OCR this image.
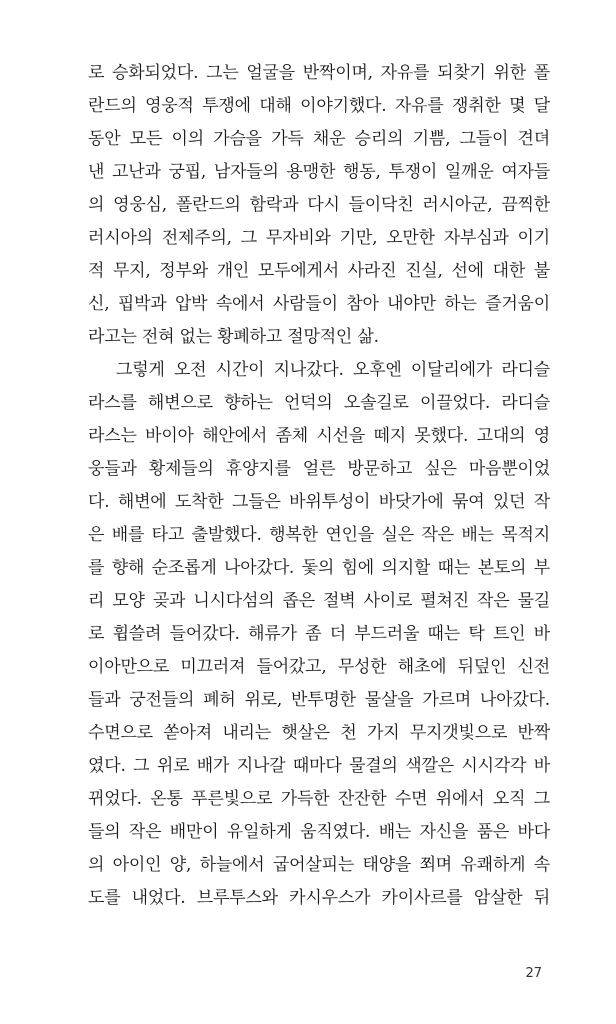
로 승화되었다. 그는 얼굴을 반짝이며, 자유를 되찾기 위한 폴
란드의 영웅적 투쟁에 대해 이야기했다. 자유를 쟁취한 몇 달
동안 모든 이의 가슴을 가득 채운 승리의 기쁨, 그들이 견뎌
낸 고난과 궁핍, 남자들의 용맹한 행동, 투쟁이 일깨운 여자들
의 영웅심, 폴란드의 함락과 다시 들이닥친 러시아군, 끔찍한
러시아의 전제주의, 그 무자비와 기만, 오만한 자부심과 이기
적 무지, 정부와 개인 모두에게서 사라진 진실, 선에 대한 불
신, 핍박과 압박 속에서 사람들이 참아 내야만 하는 즐거움이
라고는 전혀 없는 황폐하고 절망적인 삶.
그렇게 오전 시간이 지나갔다. 오후엔 이달리에가 라디슬
라스를 해변으로 향하는 언덕의 오솔길로 이끌었다. 라디슬
라스는 바이아 해안에서 좀체 시선을 떼지 못했다. 고대의 영
웅들과 황제들의 휴양지를 얼른 방문하고 싶은 마음뿐이었
다. 해변에 도착한 그들은 바위투성이 바닷가에 묶여 있던 작
은 배를 타고 출발했다. 행복한 연인을 실은 작은 배는 목적지
를 향해 순조롭게 나아갔다. 돛의 힘에 의지할 때는 본토의 부
리 모양 곶과 니시다섬의 좁은 절벽 사이로 펼쳐진 작은 물길
로 휩쓸려 들어갔다. 해류가 좀 더 부드러울 때는 탁 트인 바
이아만으로 미끄러져 들어갔고, 무성한 해초에 뒤덮인 신전
들과 궁전들의 폐허 위로, 반투명한 물살을 가르며 나아갔다.
수면으로 쏟아져 내리는 햇살은 천 가지 무지갯빛으로 반짝
였다. 그 위로 배가 지나갈 때마다 물결의 색깔은 시시각각 바
뀌었다. 온통 푸른빛으로 가득한 잔잔한 수면 위에서 오직 그
들의 작은 배만이 유일하게 움직였다. 배는 자신을 품은 바다
의 아이인 양, 하늘에서 굽어살피는 태양을 쬐며 유쾌하게 속
도를 내었다. 브루투스와 카시우스가 카이사르를 암살한 뒤
27
